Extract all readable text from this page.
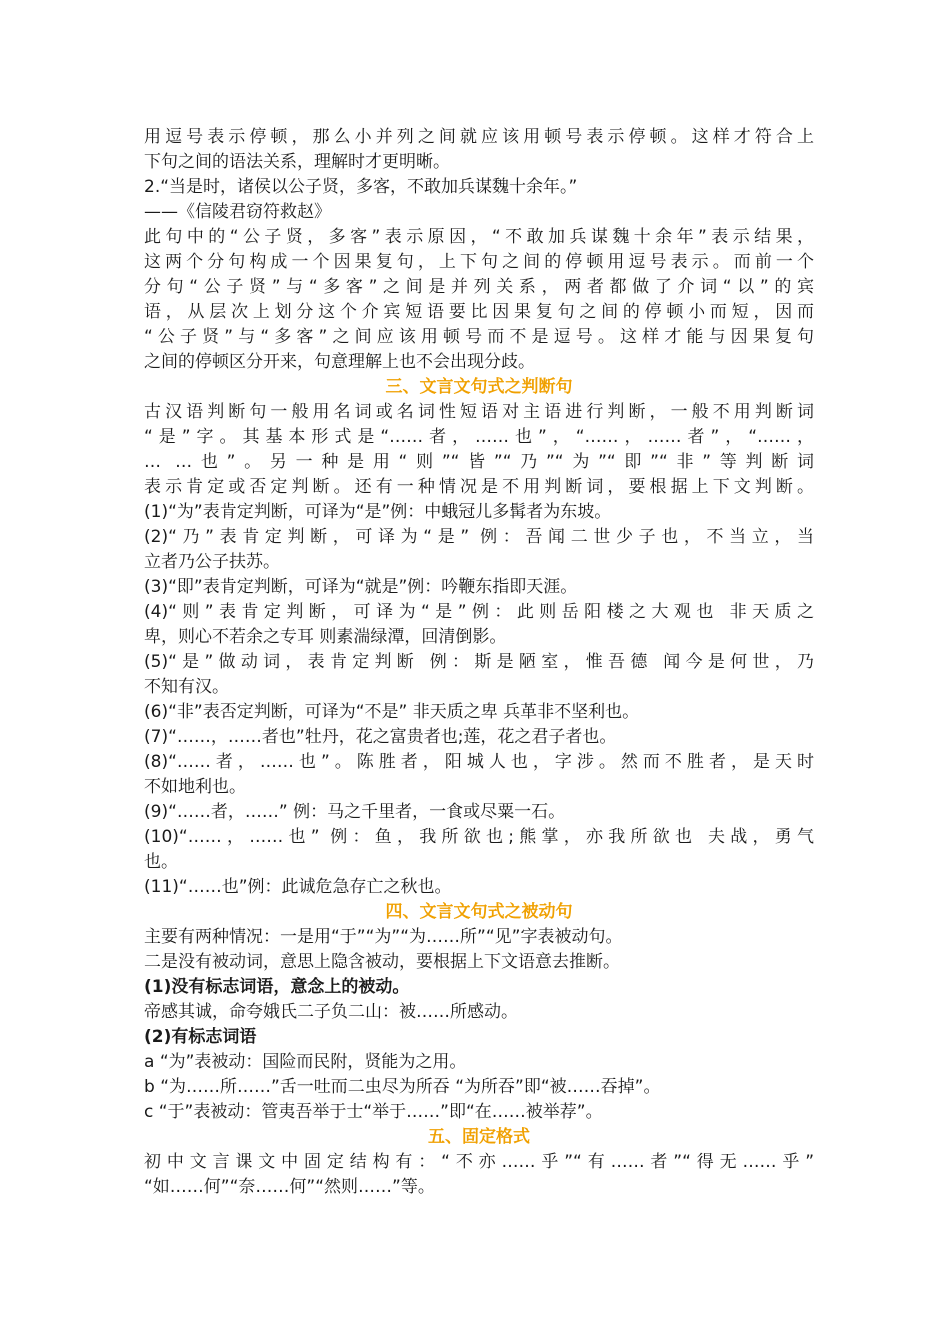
用逗号表示停顿，那么小并列之间就应该用顿号表示停顿。这样才符合上
下句之间的语法关系，理解时才更明晰。
2.“当是时，诸侯以公子贤，多客，不敢加兵谋魏十余年。”
——《信陵君窃符救赵》
此句中的“公子贤，多客”表示原因，“不敢加兵谋魏十余年”表示结果，
这两个分句构成一个因果复句，上下句之间的停顿用逗号表示。而前一个
分句“公子贤”与“多客”之间是并列关系，两者都做了介词“以”的宾
语，从层次上划分这个介宾短语要比因果复句之间的停顿小而短，因而
“公子贤”与“多客”之间应该用顿号而不是逗号。这样才能与因果复句
之间的停顿区分开来，句意理解上也不会出现分歧。
三、文言文句式之判断句
古汉语判断句一般用名词或名词性短语对主语进行判断，一般不用判断词
“是”字。其基本形式是“……者，……也”，“……，……者”，“……，
… …也”。另一种是用“则”“皆”“乃”“为”“即”“非”等判断词
表示肯定或否定判断。还有一种情况是不用判断词，要根据上下文判断。
(1)“为”表肯定判断，可译为“是”例：中蛾冠儿多髯者为东坡。
(2)“乃”表肯定判断，可译为“是” 例：吾闻二世少子也，不当立，当
立者乃公子扶苏。
(3)“即”表肯定判断，可译为“就是”例：吟鞭东指即天涯。
(4)“则”表肯定判断，可译为“是”例：此则岳阳楼之大观也 非天质之
卑，则心不若余之专耳 则素湍绿潭，回清倒影。
(5)“是”做动词，表肯定判断 例：斯是陋室，惟吾德 闻今是何世，乃
不知有汉。
(6)“非”表否定判断，可译为“不是” 非天质之卑 兵革非不坚利也。
(7)“……，……者也”牡丹，花之富贵者也;莲，花之君子者也。
(8)“……者，……也”。陈胜者，阳城人也，字涉。然而不胜者，是天时
不如地利也。
(9)“……者，……” 例：马之千里者，一食或尽粟一石。
(10)“……，……也” 例：鱼，我所欲也;熊掌，亦我所欲也 夫战，勇气
也。
(11)“……也”例：此诚危急存亡之秋也。
四、文言文句式之被动句
主要有两种情况：一是用“于”“为”“为……所”“见”字表被动句。
二是没有被动词，意思上隐含被动，要根据上下文语意去推断。
(1)没有标志词语，意念上的被动。
帝感其诚，命夸娥氏二子负二山：被……所感动。
(2)有标志词语
a “为”表被动：国险而民附，贤能为之用。
b “为……所……”舌一吐而二虫尽为所吞 “为所吞”即“被……吞掉”。
c “于”表被动：管夷吾举于士“举于……”即“在……被举荐”。
五、固定格式
初中文言课文中固定结构有：“不亦……乎”“有……者”“得无……乎”
“如……何”“奈……何”“然则……”等。
